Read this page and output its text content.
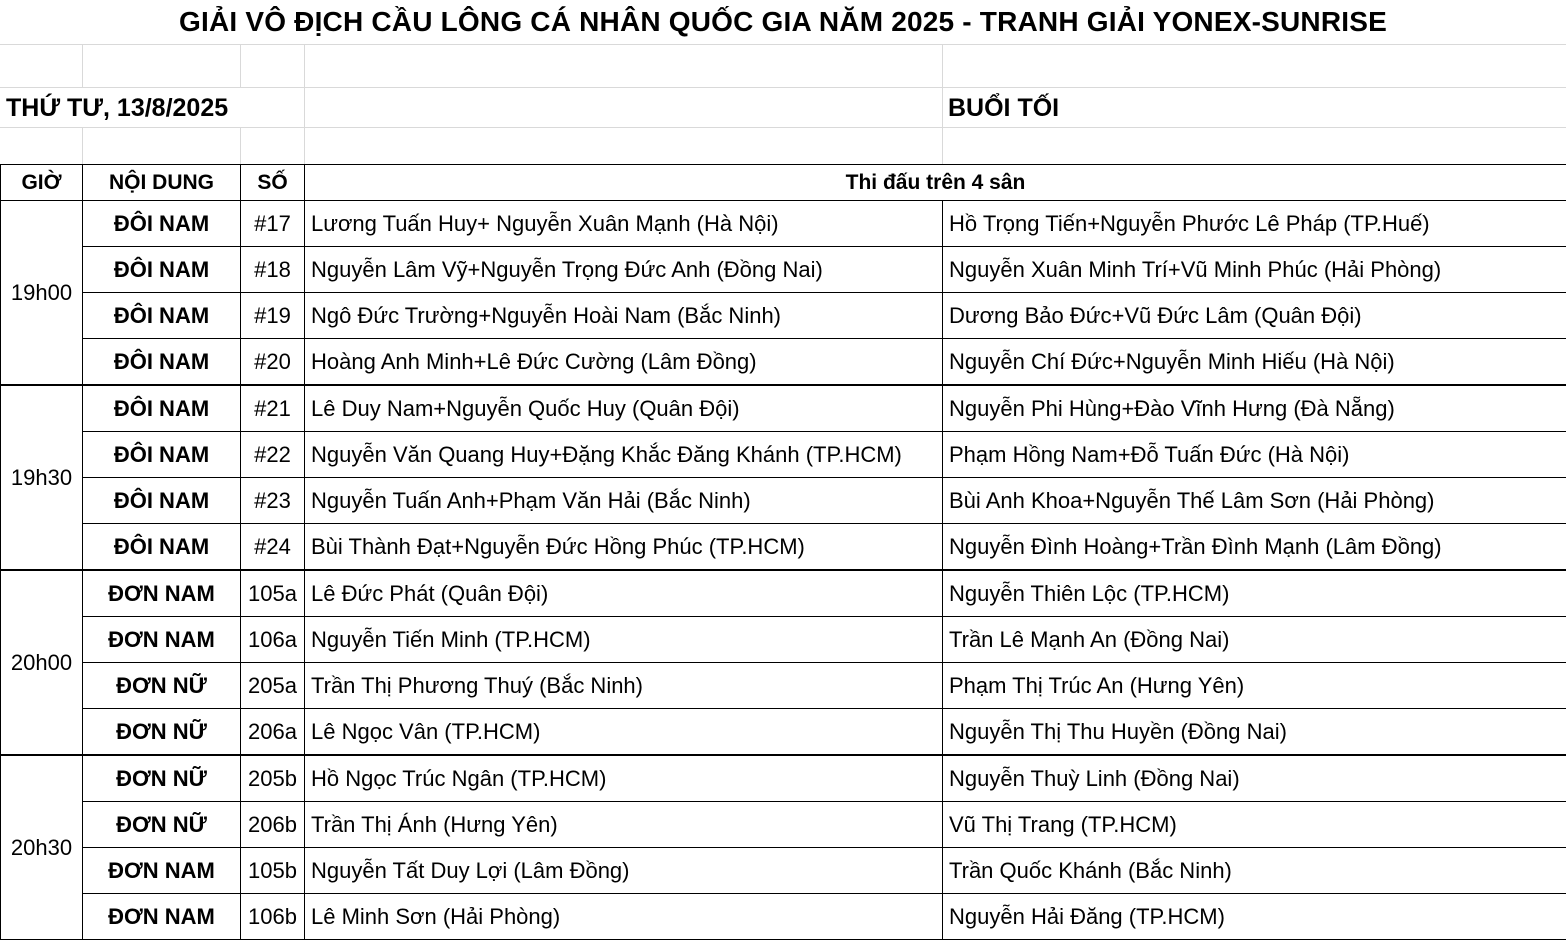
GIẢI VÔ ĐỊCH CẦU LÔNG CÁ NHÂN QUỐC GIA NĂM 2025 - TRANH GIẢI YONEX-SUNRISE
THỨ TƯ, 13/8/2025	BUỔI TỐI
GIỜ	NỘI DUNG	SỐ	Thi đấu trên 4 sân	
19h00	ĐÔI NAM	#17	Lương Tuấn Huy+ Nguyễn Xuân Mạnh (Hà Nội)	Hồ Trọng Tiến+Nguyễn Phước Lê Pháp (TP.Huế)
	ĐÔI NAM	#18	Nguyễn Lâm Vỹ+Nguyễn Trọng Đức Anh (Đồng Nai)	Nguyễn Xuân Minh Trí+Vũ Minh Phúc (Hải Phòng)
	ĐÔI NAM	#19	Ngô Đức Trường+Nguyễn Hoài Nam (Bắc Ninh)	Dương Bảo Đức+Vũ Đức Lâm (Quân Đội)
	ĐÔI NAM	#20	Hoàng Anh Minh+Lê Đức Cường (Lâm Đồng)	Nguyễn Chí Đức+Nguyễn Minh Hiếu (Hà Nội)
19h30	ĐÔI NAM	#21	Lê Duy Nam+Nguyễn Quốc Huy (Quân Đội)	Nguyễn Phi Hùng+Đào Vĩnh Hưng (Đà Nẵng)
	ĐÔI NAM	#22	Nguyễn Văn Quang Huy+Đặng Khắc Đăng Khánh (TP.HCM)	Phạm Hồng Nam+Đỗ Tuấn Đức (Hà Nội)
	ĐÔI NAM	#23	Nguyễn Tuấn Anh+Phạm Văn Hải (Bắc Ninh)	Bùi Anh Khoa+Nguyễn Thế Lâm Sơn (Hải Phòng)
	ĐÔI NAM	#24	Bùi Thành Đạt+Nguyễn Đức Hồng Phúc (TP.HCM)	Nguyễn Đình Hoàng+Trần Đình Mạnh (Lâm Đồng)
20h00	ĐƠN NAM	105a	Lê Đức Phát (Quân Đội)	Nguyễn Thiên Lộc (TP.HCM)
	ĐƠN NAM	106a	Nguyễn Tiến Minh (TP.HCM)	Trần Lê Mạnh An (Đồng Nai)
	ĐƠN NỮ	205a	Trần Thị Phương Thuý (Bắc Ninh)	Phạm Thị Trúc An (Hưng Yên)
	ĐƠN NỮ	206a	Lê Ngọc Vân (TP.HCM)	Nguyễn Thị Thu Huyền (Đồng Nai)
20h30	ĐƠN NỮ	205b	Hồ Ngọc Trúc Ngân (TP.HCM)	Nguyễn Thuỳ Linh (Đồng Nai)
	ĐƠN NỮ	206b	Trần Thị Ánh (Hưng Yên)	Vũ Thị Trang (TP.HCM)
	ĐƠN NAM	105b	Nguyễn Tất Duy Lợi (Lâm Đồng)	Trần Quốc Khánh (Bắc Ninh)
	ĐƠN NAM	106b	Lê Minh Sơn (Hải Phòng)	Nguyễn Hải Đăng (TP.HCM)
